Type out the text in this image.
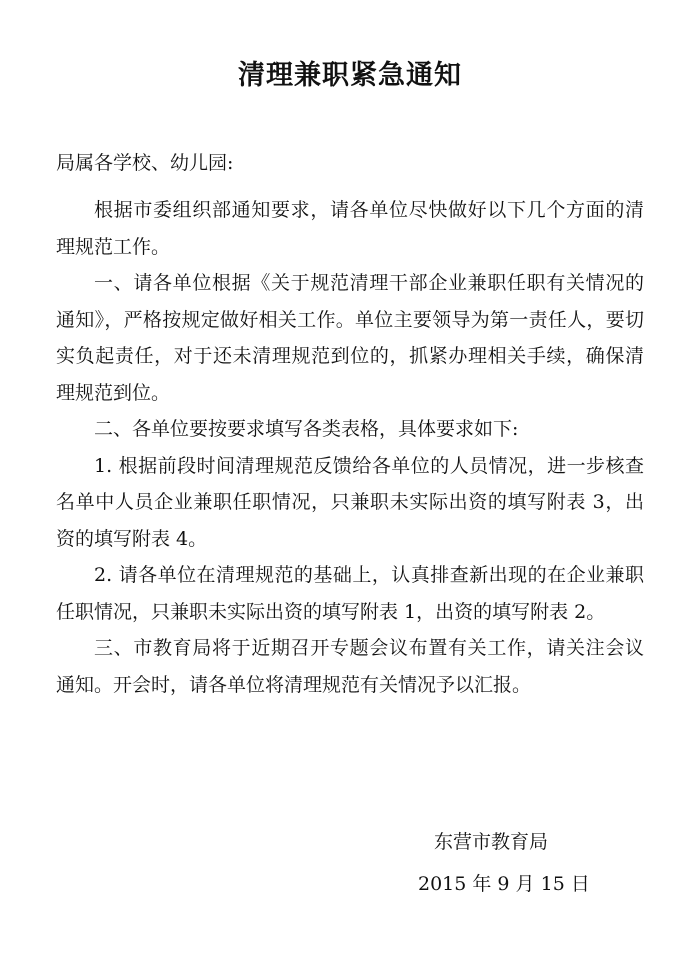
清理兼职紧急通知
局属各学校、幼儿园:

根据市委组织部通知要求，请各单位尽快做好以下几个方面的清理规范工作。

一、请各单位根据《关于规范清理干部企业兼职任职有关情况的通知》，严格按规定做好相关工作。单位主要领导为第一责任人，要切实负起责任，对于还未清理规范到位的，抓紧办理相关手续，确保清理规范到位。

二、各单位要按要求填写各类表格，具体要求如下:

1. 根据前段时间清理规范反馈给各单位的人员情况，进一步核查名单中人员企业兼职任职情况，只兼职未实际出资的填写附表 3，出资的填写附表 4。

2. 请各单位在清理规范的基础上，认真排查新出现的在企业兼职任职情况，只兼职未实际出资的填写附表 1，出资的填写附表 2。

三、市教育局将于近期召开专题会议布置有关工作，请关注会议通知。开会时，请各单位将清理规范有关情况予以汇报。

东营市教育局
2015 年 9 月 15 日
